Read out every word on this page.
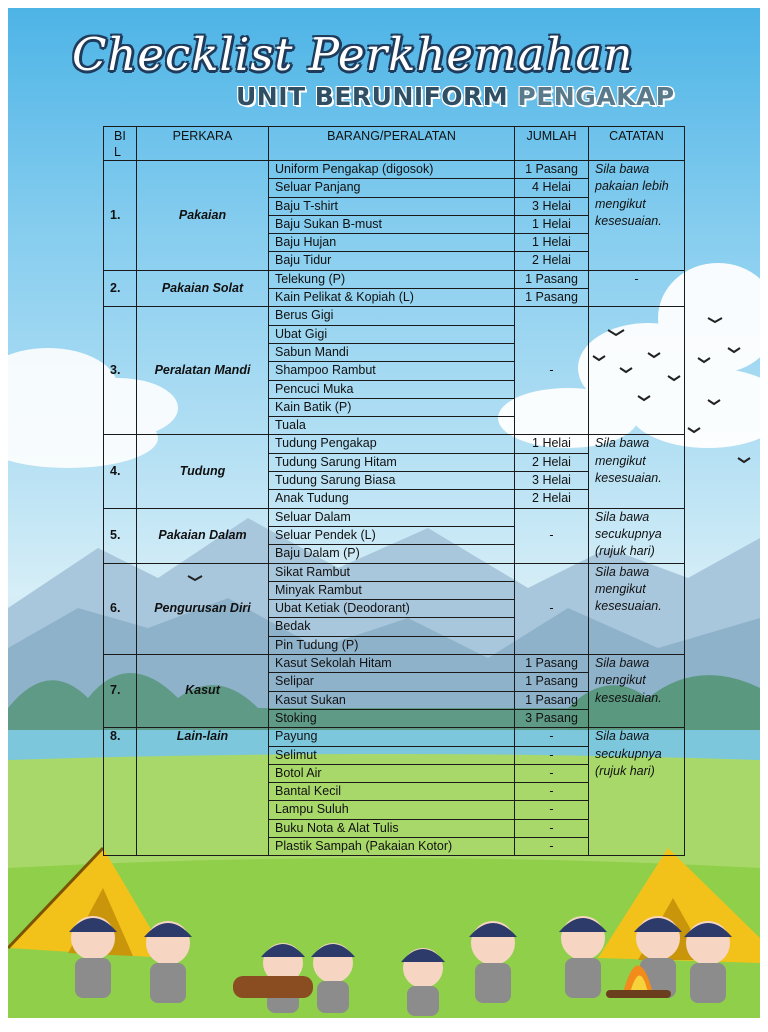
Checklist Perkhemahan
UNIT BERUNIFORM PENGAKAP
BIL	PERKARA	BARANG/PERALATAN	JUMLAH	CATATAN
1.	Pakaian	Uniform Pengakap (digosok)	1 Pasang	Sila bawa pakaian lebih mengikut kesesuaian.
		Seluar Panjang	4 Helai	
		Baju T-shirt	3 Helai	
		Baju Sukan B-must	1 Helai	
		Baju Hujan	1 Helai	
		Baju Tidur	2 Helai	
2.	Pakaian Solat	Telekung (P)	1 Pasang	-
		Kain Pelikat & Kopiah (L)	1 Pasang	
3.	Peralatan Mandi	Berus Gigi	-	
		Ubat Gigi		
		Sabun Mandi		
		Shampoo Rambut		
		Pencuci Muka		
		Kain Batik (P)		
		Tuala		
4.	Tudung	Tudung Pengakap	1 Helai	Sila bawa mengikut kesesuaian.
		Tudung Sarung Hitam	2 Helai	
		Tudung Sarung Biasa	3 Helai	
		Anak Tudung	2 Helai	
5.	Pakaian Dalam	Seluar Dalam	-	Sila bawa secukupnya (rujuk hari)
		Seluar Pendek (L)		
		Baju Dalam (P)		
6.	Pengurusan Diri	Sikat Rambut	-	Sila bawa mengikut kesesuaian.
		Minyak Rambut		
		Ubat Ketiak (Deodorant)		
		Bedak		
		Pin Tudung (P)		
7.	Kasut	Kasut Sekolah Hitam	1 Pasang	Sila bawa mengikut kesesuaian.
		Selipar	1 Pasang	
		Kasut Sukan	1 Pasang	
		Stoking	3 Pasang	
8.	Lain-lain	Payung	-	Sila bawa secukupnya (rujuk hari)
		Selimut	-	
		Botol Air	-	
		Bantal Kecil	-	
		Lampu Suluh	-	
		Buku Nota & Alat Tulis	-	
		Plastik Sampah (Pakaian Kotor)	-	
